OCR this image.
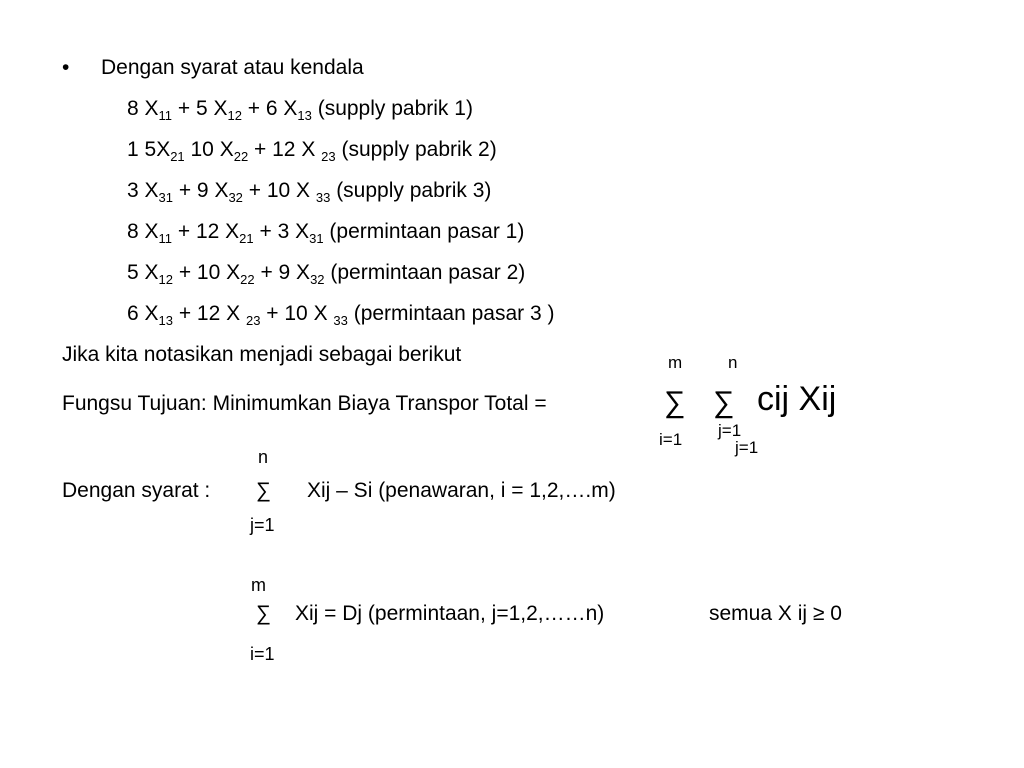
• Dengan syarat atau kendala
8 $X_{11} + 5$ $X_{12} + 6$ $X_{13}$ (supply pabrik 1)
1 $5X_{21}$ 10 $X_{22} + 12$ X $_{23}$ (supply pabrik 2)
3 $X_{31} + 9$ $X_{32} + 10$ X $_{33}$ (supply pabrik 3)
8 $X_{11} + 12$ $X_{21} + 3$ $X_{31}$ (permintaan pasar 1)
5 $X_{12} + 10$ $X_{22} + 9$ $X_{32}$ (permintaan pasar 2)
6 $X_{13} + 12$ X $_{23}$ + 10 X $_{33}$ (permintaan pasar 3 )
Jika kita notasikan menjadi sebagai berikut
Fungsu Tujuan: Minimumkan Biaya Transpor Total =
m
∑
i=1
n
∑
j=1
j=1
cij Xij
n
Dengan syarat : ∑ Xij – Si (penawaran, i = 1,2,….m)
j=1
m
∑ Xij = Dj (permintaan, j=1,2,……n)	semua X ij ≥ 0
i=1
